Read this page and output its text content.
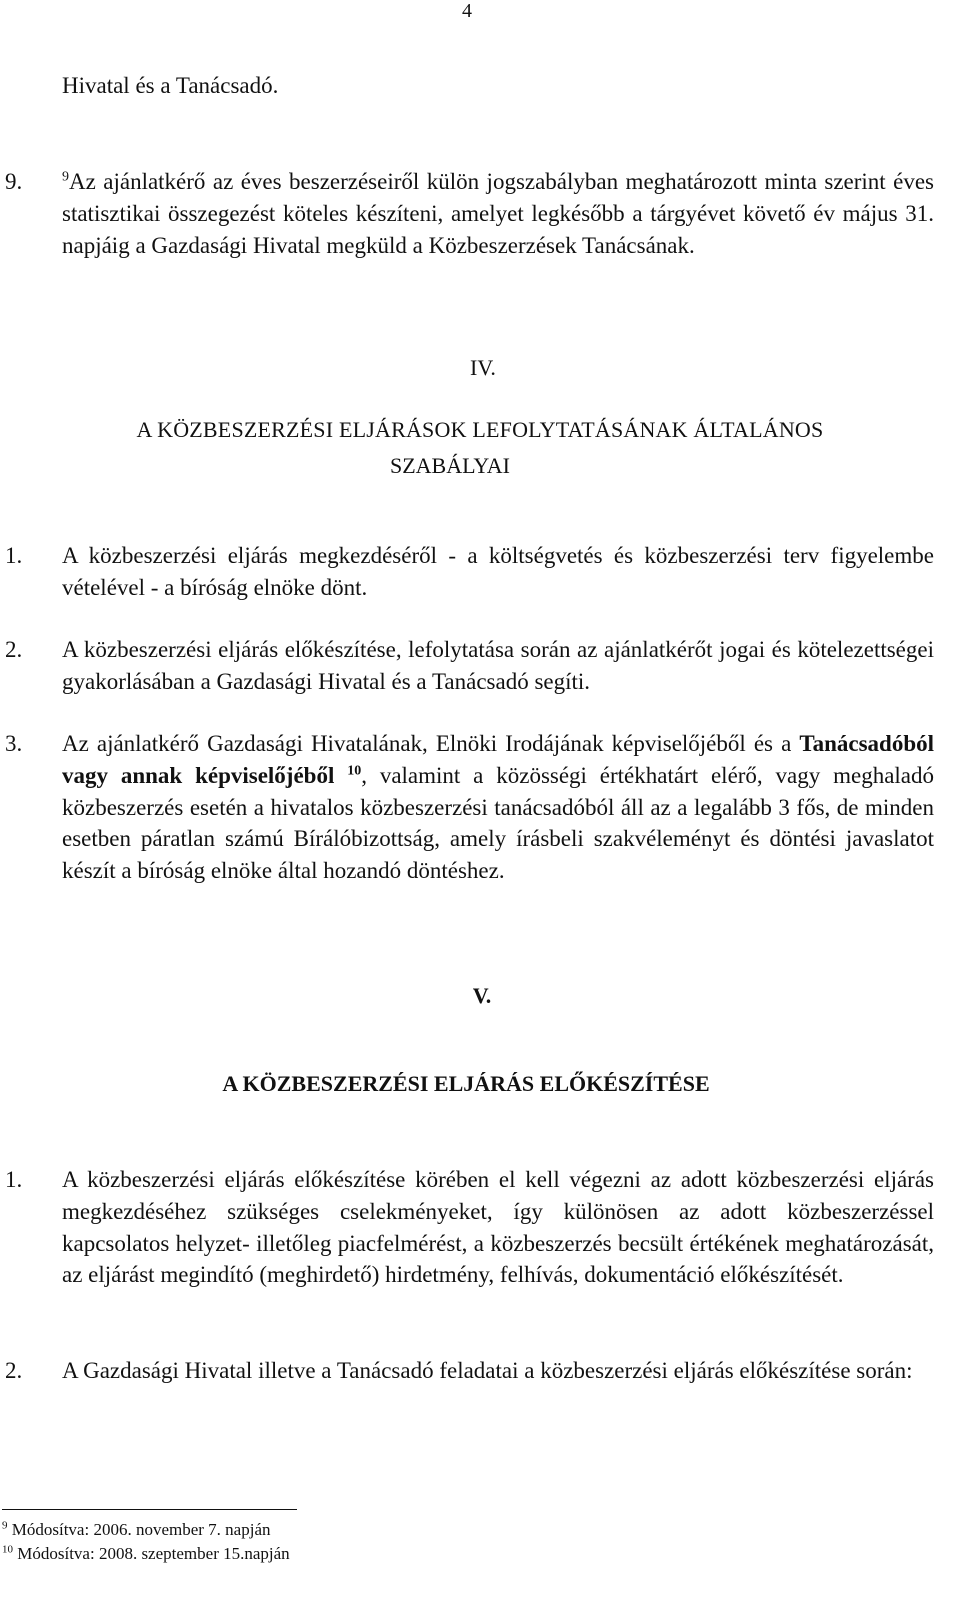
4
Hivatal és a Tanácsadó.
9.	$^9$Az ajánlatkérő az éves beszerzéseiről külön jogszabályban meghatározott minta szerint éves statisztikai összegezést köteles készíteni, amelyet legkésőbb a tárgyévet követő év május 31. napjáig a Gazdasági Hivatal megküld a Közbeszerzések Tanácsának.
IV.
A KÖZBESZERZÉSI ELJÁRÁSOK LEFOLYTATÁSÁNAK ÁLTALÁNOS
SZABÁLYAI
1. A közbeszerzési eljárás megkezdéséről - a költségvetés és közbeszerzési terv figyelembe vételével - a bíróság elnöke dönt.
2. A közbeszerzési eljárás előkészítése, lefolytatása során az ajánlatkérőt jogai és kötelezettségei gyakorlásában a Gazdasági Hivatal és a Tanácsadó segíti.
3. Az ajánlatkérő Gazdasági Hivatalának, Elnöki Irodájának képviselőjéből és a Tanácsadóból vagy annak képviselőjéből $^{10}$, valamint a közösségi értékhatárt elérő, vagy meghaladó közbeszerzés esetén a hivatalos közbeszerzési tanácsadóból áll az a legalább 3 fős, de minden esetben páratlan számú Bírálóbizottság, amely írásbeli szakvéleményt és döntési javaslatot készít a bíróság elnöke által hozandó döntéshez.
V.
A KÖZBESZERZÉSI ELJÁRÁS ELŐKÉSZÍTÉSE
1. A közbeszerzési eljárás előkészítése körében el kell végezni az adott közbeszerzési eljárás megkezdéséhez szükséges cselekményeket, így különösen az adott közbeszerzéssel kapcsolatos helyzet- illetőleg piacfelmérést, a közbeszerzés becsült értékének meghatározását, az eljárást megindító (meghirdető) hirdetmény, felhívás, dokumentáció előkészítését.
2. A Gazdasági Hivatal illetve a Tanácsadó feladatai a közbeszerzési eljárás előkészítése során:
$^9$ Módosítva: 2006. november 7. napján
$^{10}$ Módosítva: 2008. szeptember 15.napján
